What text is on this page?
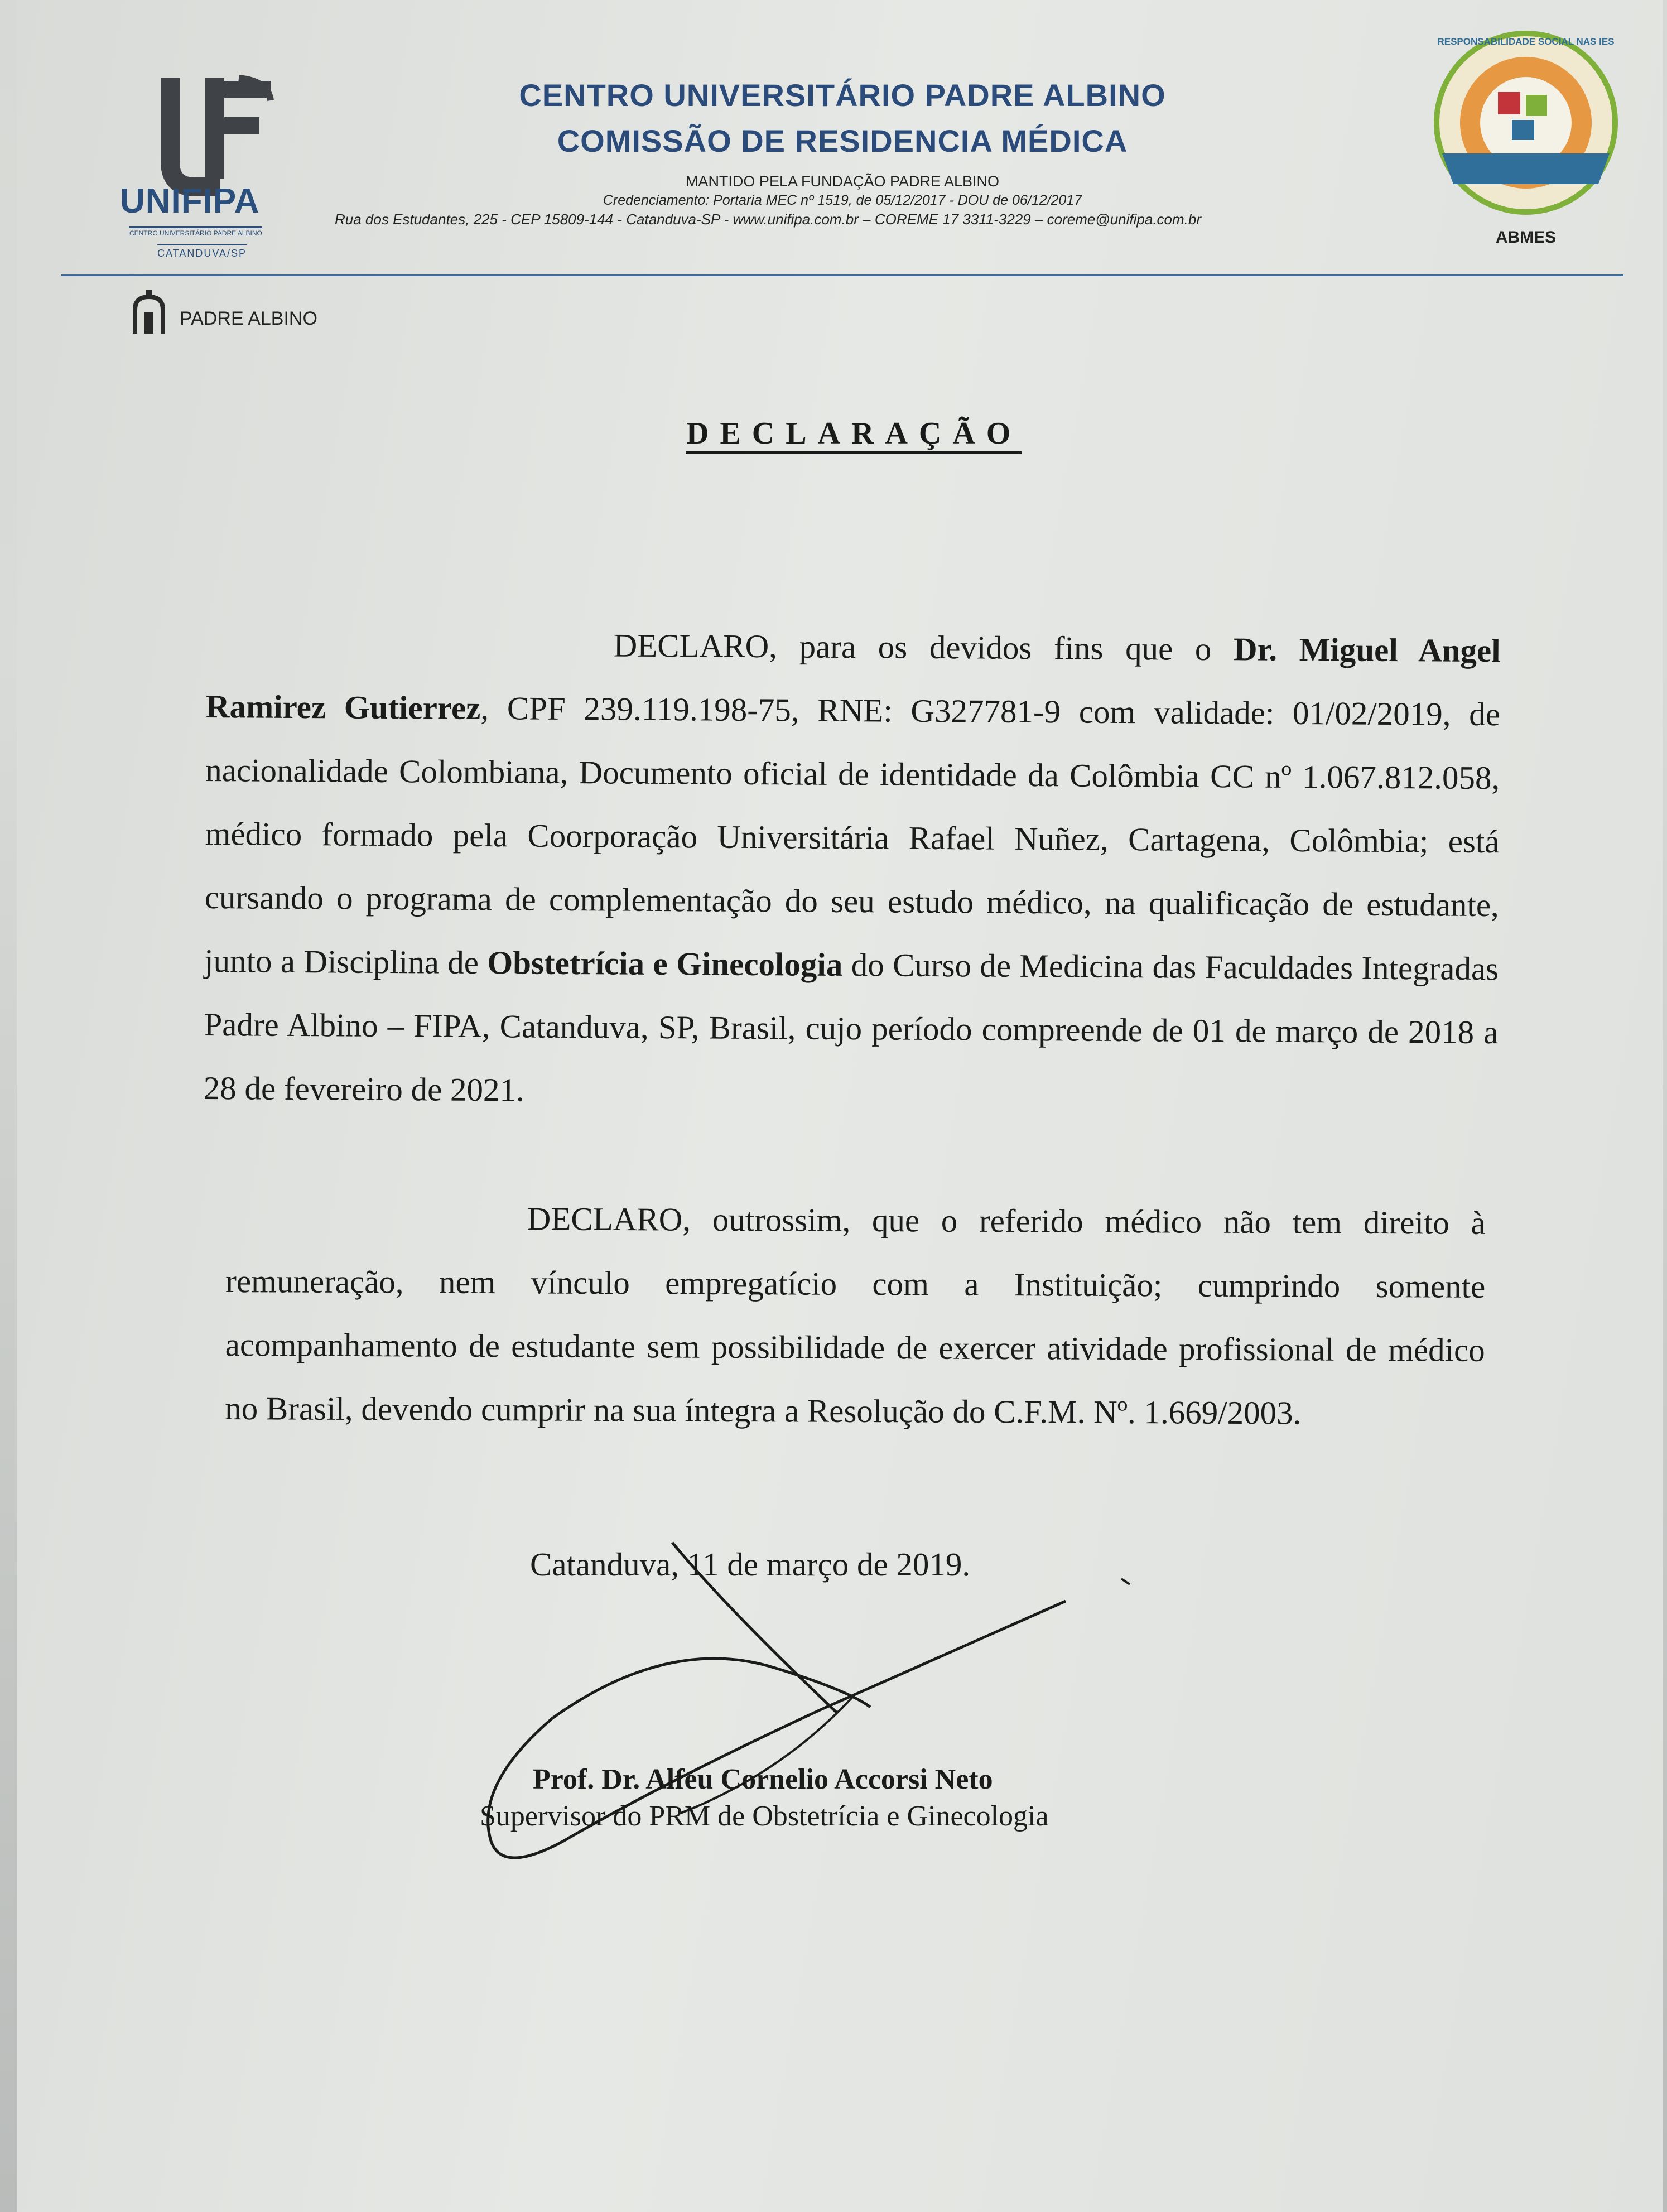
UNIFIPA
CENTRO UNIVERSITÁRIO PADRE ALBINO
CATANDUVA/SP
PADRE ALBINO
CENTRO UNIVERSITÁRIO PADRE ALBINO
COMISSÃO DE RESIDENCIA MÉDICA
MANTIDO PELA FUNDAÇÃO PADRE ALBINO
Credenciamento: Portaria MEC nº 1519, de 05/12/2017 - DOU de 06/12/2017
Rua dos Estudantes, 225 - CEP 15809-144 - Catanduva-SP - www.unifipa.com.br – COREME 17 3311-3229 – coreme@unifipa.com.br
ABMES
RESPONSABILIDADE SOCIAL NAS IES
DECLARAÇÃO
DECLARO, para os devidos fins que o Dr. Miguel Angel Ramirez Gutierrez, CPF 239.119.198-75, RNE: G327781-9 com validade: 01/02/2019, de nacionalidade Colombiana, Documento oficial de identidade da Colômbia CC nº 1.067.812.058, médico formado pela Coorporação Universitária Rafael Nuñez, Cartagena, Colômbia; está cursando o programa de complementação do seu estudo médico, na qualificação de estudante, junto a Disciplina de Obstetrícia e Ginecologia do Curso de Medicina das Faculdades Integradas Padre Albino – FIPA, Catanduva, SP, Brasil, cujo período compreende de 01 de março de 2018 a 28 de fevereiro de 2021.
DECLARO, outrossim, que o referido médico não tem direito à remuneração, nem vínculo empregatício com a Instituição; cumprindo somente acompanhamento de estudante sem possibilidade de exercer atividade profissional de médico no Brasil, devendo cumprir na sua íntegra a Resolução do C.F.M. Nº. 1.669/2003.
Catanduva, 11 de março de 2019.
Prof. Dr. Alfeu Cornelio Accorsi Neto
Supervisor do PRM de Obstetrícia e Ginecologia
